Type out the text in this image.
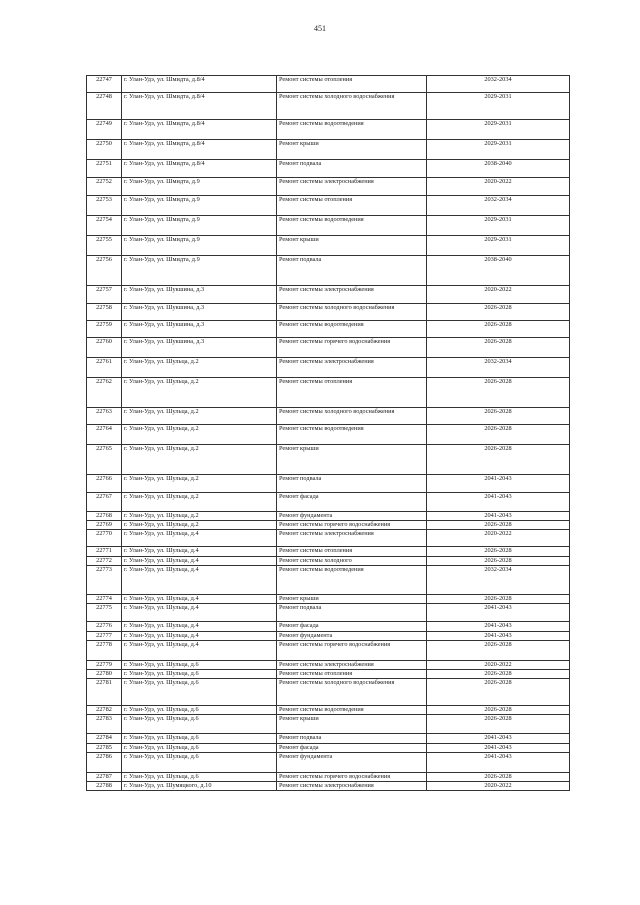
451
22747	г. Улан-Удэ, ул. Шмидта, д.8/4	Ремонт системы отопления	2032-2034
22748	г. Улан-Удэ, ул. Шмидта, д.8/4	Ремонт системы холодного водоснабжения	2029-2031
22749	г. Улан-Удэ, ул. Шмидта, д.8/4	Ремонт системы водоотведения	2029-2031
22750	г. Улан-Удэ, ул. Шмидта, д.8/4	Ремонт крыши	2029-2031
22751	г. Улан-Удэ, ул. Шмидта, д.8/4	Ремонт подвала	2038-2040
22752	г. Улан-Удэ, ул. Шмидта, д.9	Ремонт системы электроснабжения	2020-2022
22753	г. Улан-Удэ, ул. Шмидта, д.9	Ремонт системы отопления	2032-2034
22754	г. Улан-Удэ, ул. Шмидта, д.9	Ремонт системы водоотведения	2029-2031
22755	г. Улан-Удэ, ул. Шмидта, д.9	Ремонт крыши	2029-2031
22756	г. Улан-Удэ, ул. Шмидта, д.9	Ремонт подвала	2038-2040
22757	г. Улан-Удэ, ул. Шукшина, д.3	Ремонт системы электроснабжения	2020-2022
22758	г. Улан-Удэ, ул. Шукшина, д.3	Ремонт системы холодного водоснабжения	2026-2028
22759	г. Улан-Удэ, ул. Шукшина, д.3	Ремонт системы водоотведения	2026-2028
22760	г. Улан-Удэ, ул. Шукшина, д.3	Ремонт системы горячего водоснабжения	2026-2028
22761	г. Улан-Удэ, ул. Шульца, д.2	Ремонт системы электроснабжения	2032-2034
22762	г. Улан-Удэ, ул. Шульца, д.2	Ремонт системы отопления	2026-2028
22763	г. Улан-Удэ, ул. Шульца, д.2	Ремонт системы холодного водоснабжения	2026-2028
22764	г. Улан-Удэ, ул. Шульца, д.2	Ремонт системы водоотведения	2026-2028
22765	г. Улан-Удэ, ул. Шульца, д.2	Ремонт крыши	2026-2028
22766	г. Улан-Удэ, ул. Шульца, д.2	Ремонт подвала	2041-2043
22767	г. Улан-Удэ, ул. Шульца, д.2	Ремонт фасада	2041-2043
22768	г. Улан-Удэ, ул. Шульца, д.2	Ремонт фундамента	2041-2043
22769	г. Улан-Удэ, ул. Шульца, д.2	Ремонт системы горячего водоснабжения	2026-2028
22770	г. Улан-Удэ, ул. Шульца, д.4	Ремонт системы электроснабжения	2020-2022
22771	г. Улан-Удэ, ул. Шульца, д.4	Ремонт системы отопления	2026-2028
22772	г. Улан-Удэ, ул. Шульца, д.4	Ремонт системы холодного	2026-2028
22773	г. Улан-Удэ, ул. Шульца, д.4	Ремонт системы водоотведения	2032-2034
22774	г. Улан-Удэ, ул. Шульца, д.4	Ремонт крыши	2026-2028
22775	г. Улан-Удэ, ул. Шульца, д.4	Ремонт подвала	2041-2043
22776	г. Улан-Удэ, ул. Шульца, д.4	Ремонт фасада	2041-2043
22777	г. Улан-Удэ, ул. Шульца, д.4	Ремонт фундамента	2041-2043
22778	г. Улан-Удэ, ул. Шульца, д.4	Ремонт системы горячего водоснабжения	2026-2028
22779	г. Улан-Удэ, ул. Шульца, д.6	Ремонт системы электроснабжения	2020-2022
22780	г. Улан-Удэ, ул. Шульца, д.6	Ремонт системы отопления	2026-2028
22781	г. Улан-Удэ, ул. Шульца, д.6	Ремонт системы холодного водоснабжения	2026-2028
22782	г. Улан-Удэ, ул. Шульца, д.6	Ремонт системы водоотведения	2026-2028
22783	г. Улан-Удэ, ул. Шульца, д.6	Ремонт крыши	2026-2028
22784	г. Улан-Удэ, ул. Шульца, д.6	Ремонт подвала	2041-2043
22785	г. Улан-Удэ, ул. Шульца, д.6	Ремонт фасада	2041-2043
22786	г. Улан-Удэ, ул. Шульца, д.6	Ремонт фундамента	2041-2043
22787	г. Улан-Удэ, ул. Шульца, д.6	Ремонт системы горячего водоснабжения	2026-2028
22788	г. Улан-Удэ, ул. Шумяцкого, д.10	Ремонт системы электроснабжения	2020-2022
